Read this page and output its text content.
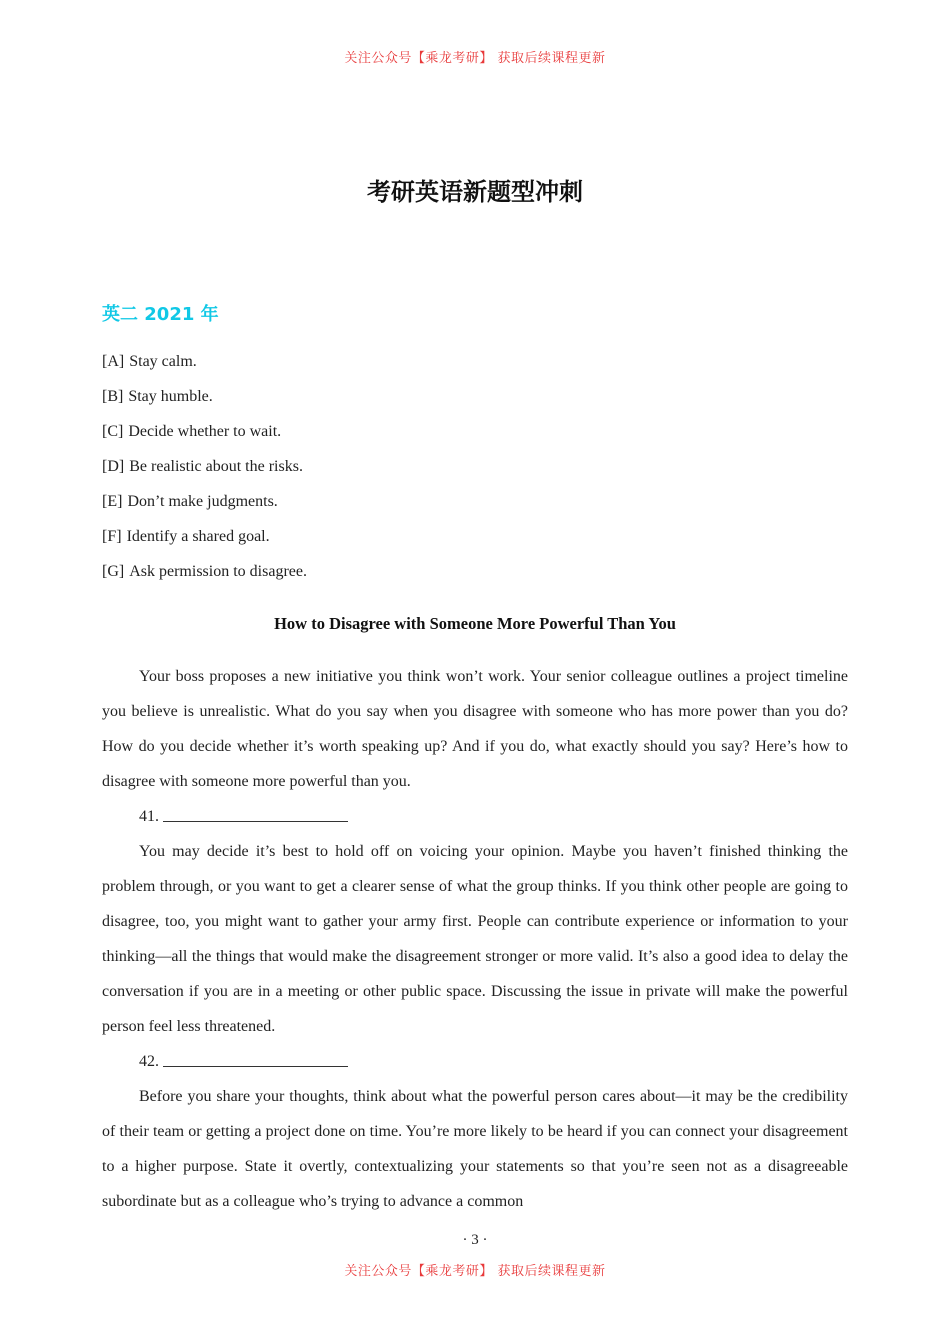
关注公众号【乘龙考研】 获取后续课程更新
考研英语新题型冲刺
英二 2021 年
[A] Stay calm.
[B] Stay humble.
[C] Decide whether to wait.
[D] Be realistic about the risks.
[E] Don’t make judgments.
[F] Identify a shared goal.
[G] Ask permission to disagree.
How to Disagree with Someone More Powerful Than You

Your boss proposes a new initiative you think won’t work. Your senior colleague outlines a project timeline you believe is unrealistic. What do you say when you disagree with someone who has more power than you do? How do you decide whether it’s worth speaking up? And if you do, what exactly should you say? Here’s how to disagree with someone more powerful than you.

41.

You may decide it’s best to hold off on voicing your opinion. Maybe you haven’t finished thinking the problem through, or you want to get a clearer sense of what the group thinks. If you think other people are going to disagree, too, you might want to gather your army first. People can contribute experience or information to your thinking—all the things that would make the disagreement stronger or more valid. It’s also a good idea to delay the conversation if you are in a meeting or other public space. Discussing the issue in private will make the powerful person feel less threatened.

42.

Before you share your thoughts, think about what the powerful person cares about—it may be the credibility of their team or getting a project done on time. You’re more likely to be heard if you can connect your disagreement to a higher purpose. State it overtly, contextualizing your statements so that you’re seen not as a disagreeable subordinate but as a colleague who’s trying to advance a common

· 3 ·
关注公众号【乘龙考研】 获取后续课程更新
